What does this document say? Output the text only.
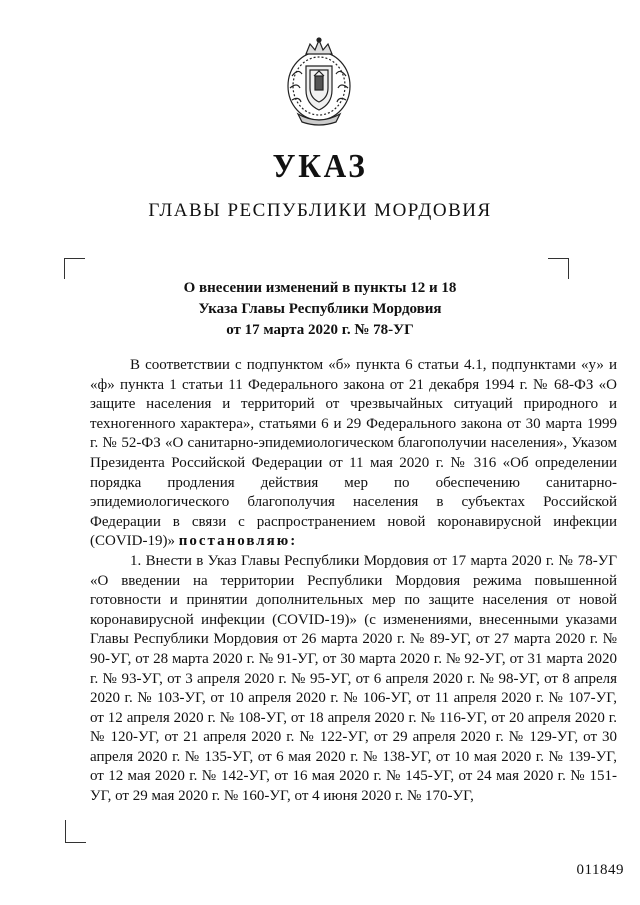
УКАЗ
ГЛАВЫ РЕСПУБЛИКИ МОРДОВИЯ
О внесении изменений в пункты 12 и 18
Указа Главы Республики Мордовия
от 17 марта 2020 г. № 78-УГ

В соответствии с подпунктом «б» пункта 6 статьи 4.1, подпунктами «у» и «ф» пункта 1 статьи 11 Федерального закона от 21 декабря 1994 г. № 68-ФЗ «О защите населения и территорий от чрезвычайных ситуаций природного и техногенного характера», статьями 6 и 29 Федерального закона от 30 марта 1999 г. № 52-ФЗ «О санитарно-эпидемиологическом благополучии населения», Указом Президента Российской Федерации от 11 мая 2020 г. № 316 «Об определении порядка продления действия мер по обеспечению санитарно-эпидемиологического благополучия населения в субъектах Российской Федерации в связи с распространением новой коронавирусной инфекции (COVID-19)» постановляю:

1. Внести в Указ Главы Республики Мордовия от 17 марта 2020 г. № 78-УГ «О введении на территории Республики Мордовия режима повышенной готовности и принятии дополнительных мер по защите населения от новой коронавирусной инфекции (COVID-19)» (с изменениями, внесенными указами Главы Республики Мордовия от 26 марта 2020 г. № 89-УГ, от 27 марта 2020 г. № 90-УГ, от 28 марта 2020 г. № 91-УГ, от 30 марта 2020 г. № 92-УГ, от 31 марта 2020 г. № 93-УГ, от 3 апреля 2020 г. № 95-УГ, от 6 апреля 2020 г. № 98-УГ, от 8 апреля 2020 г. № 103-УГ, от 10 апреля 2020 г. № 106-УГ, от 11 апреля 2020 г. № 107-УГ, от 12 апреля 2020 г. № 108-УГ, от 18 апреля 2020 г. № 116-УГ, от 20 апреля 2020 г. № 120-УГ, от 21 апреля 2020 г. № 122-УГ, от 29 апреля 2020 г. № 129-УГ, от 30 апреля 2020 г. № 135-УГ, от 6 мая 2020 г. № 138-УГ, от 10 мая 2020 г. № 139-УГ, от 12 мая 2020 г. № 142-УГ, от 16 мая 2020 г. № 145-УГ, от 24 мая 2020 г. № 151-УГ, от 29 мая 2020 г. № 160-УГ, от 4 июня 2020 г. № 170-УГ,

011849
